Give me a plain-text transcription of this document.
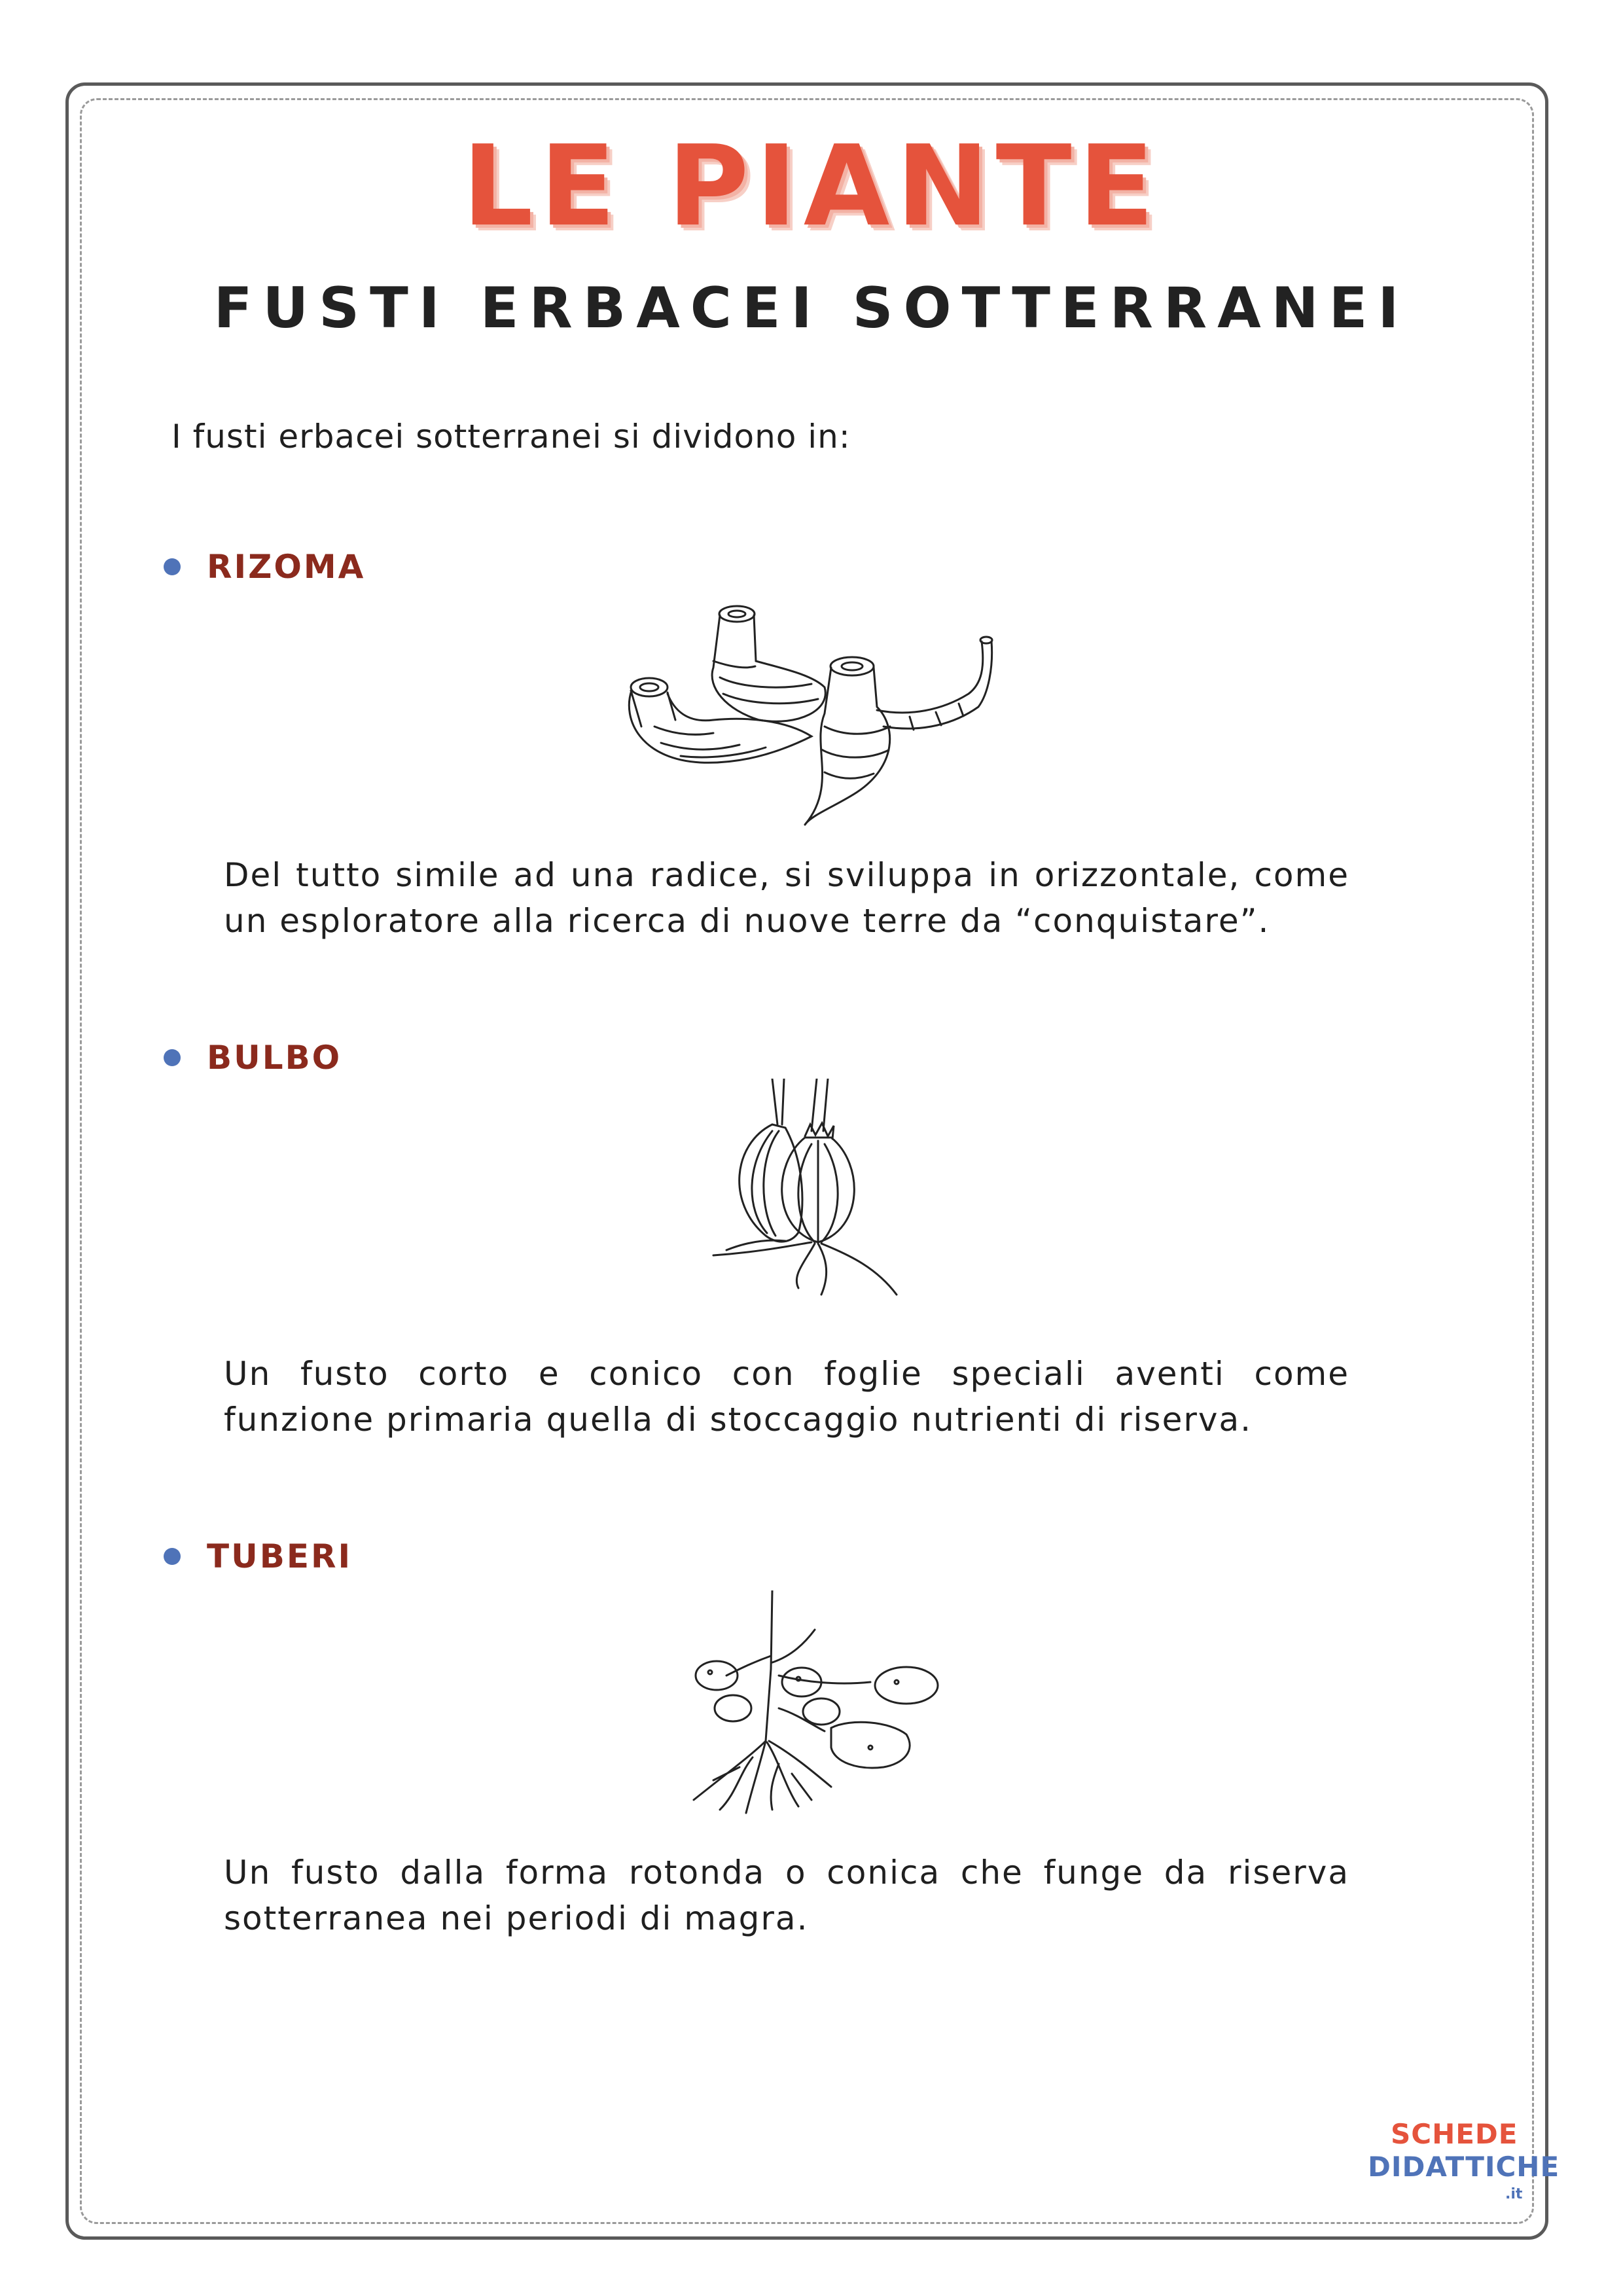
LE PIANTE
FUSTI ERBACEI SOTTERRANEI
I fusti erbacei sotterranei si dividono in:
RIZOMA
Del tutto simile ad una radice, si sviluppa in orizzontale, come un esploratore alla ricerca di nuove terre da “conquistare”.
BULBO
Un fusto corto e conico con foglie speciali aventi come funzione primaria quella di stoccaggio nutrienti di riserva.
TUBERI
Un fusto dalla forma rotonda o conica che funge da riserva sotterranea nei periodi di magra.
SCHEDE
DIDATTICHE
.it
